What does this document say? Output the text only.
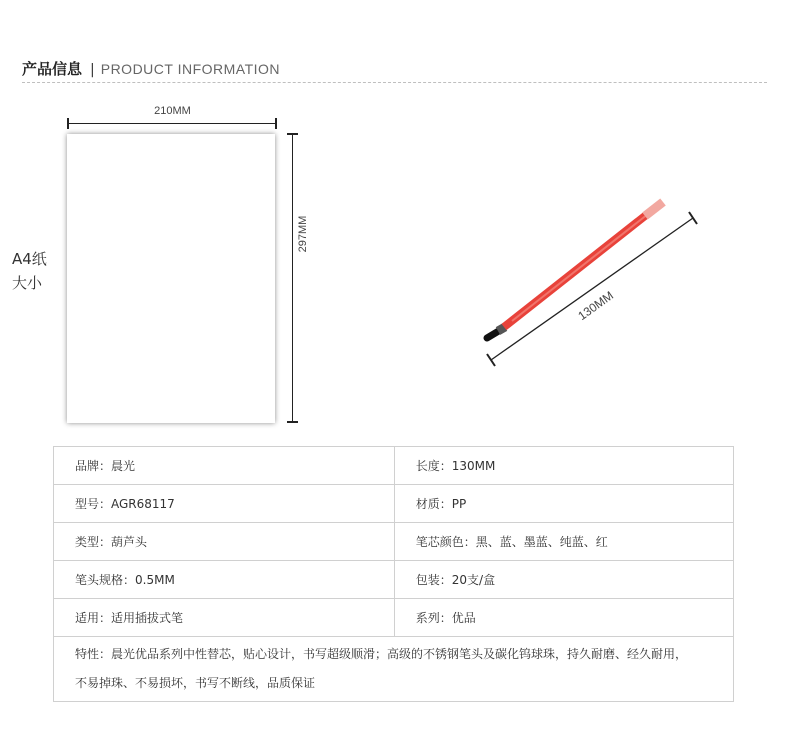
产品信息 | PRODUCT INFORMATION
210MM
297MM
A4纸
大小
130MM
品牌：晨光	长度：130MM
型号：AGR68117	材质：PP
类型：葫芦头	笔芯颜色：黑、蓝、墨蓝、纯蓝、红
笔头规格：0.5MM	包装：20支/盒
适用：适用插拔式笔	系列：优品

特性：晨光优品系列中性替芯，贴心设计，书写超级顺滑；高级的不锈钢笔头及碳化钨球珠，持久耐磨、经久耐用，
不易掉珠、不易损坏，书写不断线，品质保证	
